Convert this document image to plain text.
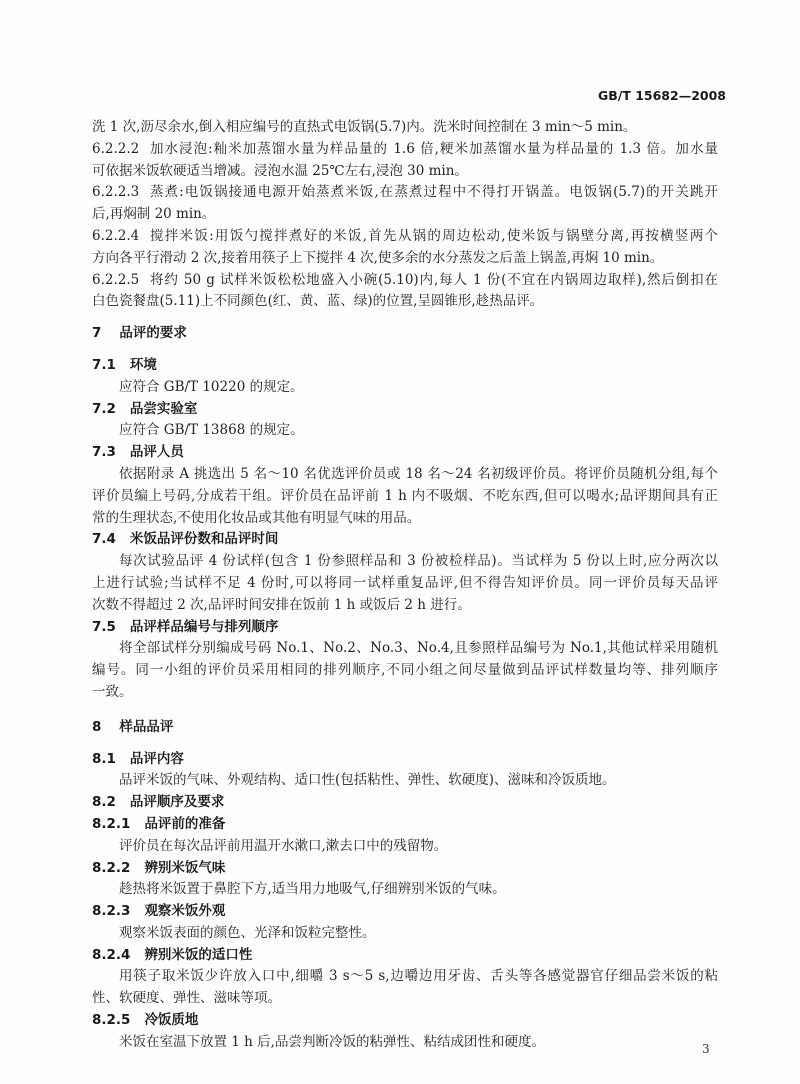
GB/T 15682—2008
洗 1 次,沥尽余水,倒入相应编号的直热式电饭锅(5.7)内。洗米时间控制在 3 min～5 min。
6.2.2.2 加水浸泡:籼米加蒸馏水量为样品量的 1.6 倍,粳米加蒸馏水量为样品量的 1.3 倍。加水量
可依据米饭软硬适当增减。浸泡水温 25℃左右,浸泡 30 min。
6.2.2.3 蒸煮:电饭锅接通电源开始蒸煮米饭,在蒸煮过程中不得打开锅盖。电饭锅(5.7)的开关跳开
后,再焖制 20 min。
6.2.2.4 搅拌米饭:用饭勺搅拌煮好的米饭,首先从锅的周边松动,使米饭与锅壁分离,再按横竖两个
方向各平行滑动 2 次,接着用筷子上下搅拌 4 次,使多余的水分蒸发之后盖上锅盖,再焖 10 min。
6.2.2.5 将约 50 g 试样米饭松松地盛入小碗(5.10)内,每人 1 份(不宜在内锅周边取样),然后倒扣在
白色瓷餐盘(5.11)上不同颜色(红、黄、蓝、绿)的位置,呈圆锥形,趁热品评。
7 品评的要求
7.1 环境
应符合 GB/T 10220 的规定。
7.2 品尝实验室
应符合 GB/T 13868 的规定。
7.3 品评人员
依据附录 A 挑选出 5 名～10 名优选评价员或 18 名～24 名初级评价员。将评价员随机分组,每个
评价员编上号码,分成若干组。评价员在品评前 1 h 内不吸烟、不吃东西,但可以喝水;品评期间具有正
常的生理状态,不使用化妆品或其他有明显气味的用品。
7.4 米饭品评份数和品评时间
每次试验品评 4 份试样(包含 1 份参照样品和 3 份被检样品)。当试样为 5 份以上时,应分两次以
上进行试验;当试样不足 4 份时,可以将同一试样重复品评,但不得告知评价员。同一评价员每天品评
次数不得超过 2 次,品评时间安排在饭前 1 h 或饭后 2 h 进行。
7.5 品评样品编号与排列顺序
将全部试样分别编成号码 No.1、No.2、No.3、No.4,且参照样品编号为 No.1,其他试样采用随机
编号。同一小组的评价员采用相同的排列顺序,不同小组之间尽量做到品评试样数量均等、排列顺序
一致。
8 样品品评
8.1 品评内容
品评米饭的气味、外观结构、适口性(包括粘性、弹性、软硬度)、滋味和冷饭质地。
8.2 品评顺序及要求
8.2.1 品评前的准备
评价员在每次品评前用温开水漱口,漱去口中的残留物。
8.2.2 辨别米饭气味
趁热将米饭置于鼻腔下方,适当用力地吸气,仔细辨别米饭的气味。
8.2.3 观察米饭外观
观察米饭表面的颜色、光泽和饭粒完整性。
8.2.4 辨别米饭的适口性
用筷子取米饭少许放入口中,细嚼 3 s～5 s,边嚼边用牙齿、舌头等各感觉器官仔细品尝米饭的粘
性、软硬度、弹性、滋味等项。
8.2.5 冷饭质地
米饭在室温下放置 1 h 后,品尝判断冷饭的粘弹性、粘结成团性和硬度。	3
